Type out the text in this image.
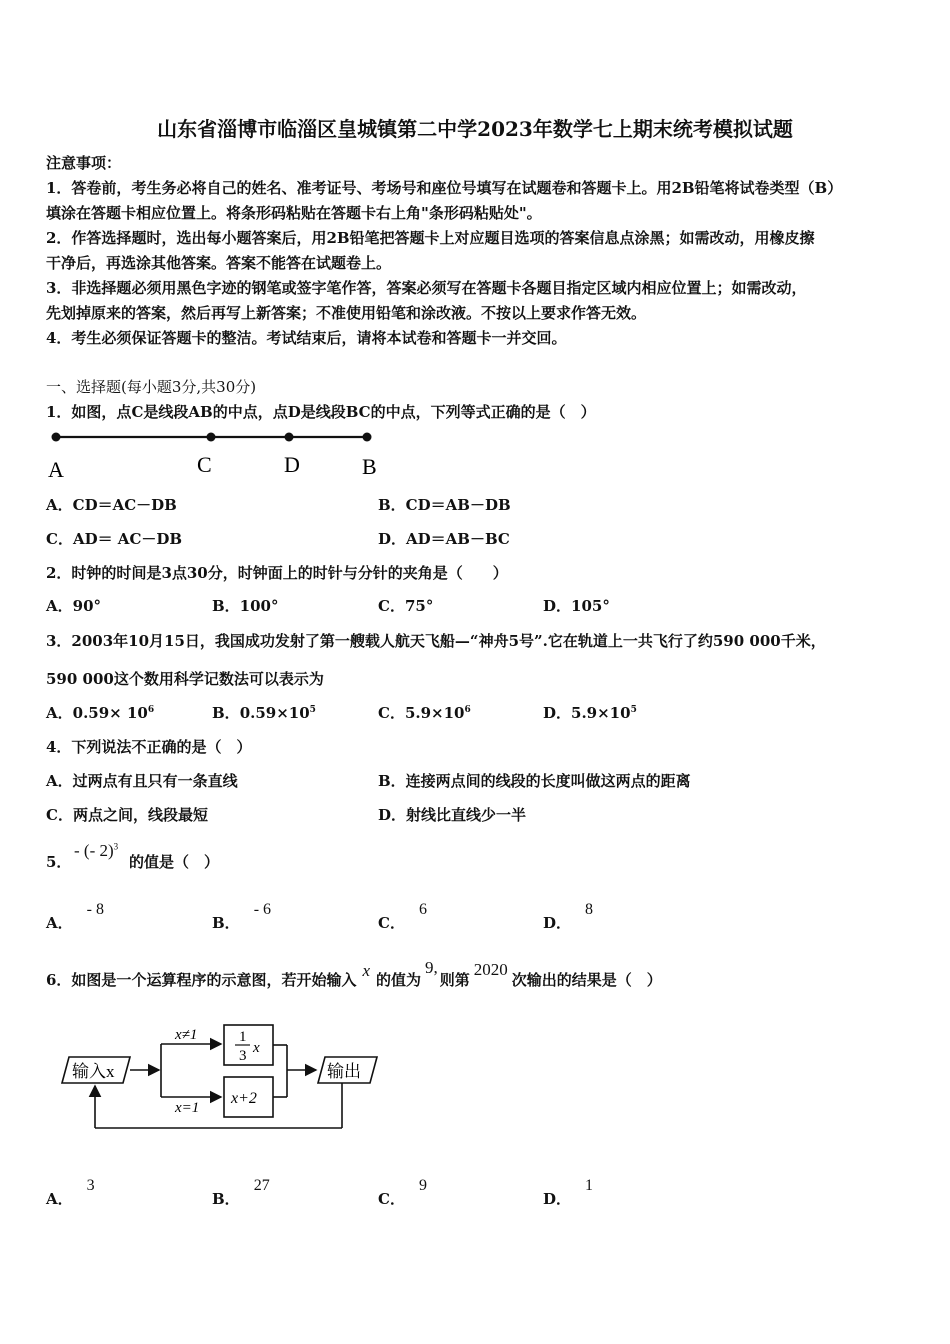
山东省淄博市临淄区皇城镇第二中学2023年数学七上期末统考模拟试题
注意事项：
1．答卷前，考生务必将自己的姓名、准考证号、考场号和座位号填写在试题卷和答题卡上。用2B铅笔将试卷类型（B）
填涂在答题卡相应位置上。将条形码粘贴在答题卡右上角"条形码粘贴处"。
2．作答选择题时，选出每小题答案后，用2B铅笔把答题卡上对应题目选项的答案信息点涂黑；如需改动，用橡皮擦
干净后，再选涂其他答案。答案不能答在试题卷上。
3．非选择题必须用黑色字迹的钢笔或签字笔作答，答案必须写在答题卡各题目指定区域内相应位置上；如需改动，
先划掉原来的答案，然后再写上新答案；不准使用铅笔和涂改液。不按以上要求作答无效。
4．考生必须保证答题卡的整洁。考试结束后，请将本试卷和答题卡一并交回。
一、选择题(每小题3分,共30分)
1．如图，点C是线段AB的中点，点D是线段BC的中点，下列等式正确的是（　）
A	C	D	B
A．CD＝AC－DB	B．CD＝AB－DB
C．AD＝ AC－DB	D．AD＝AB－BC
2．时钟的时间是3点30分，时钟面上的时针与分针的夹角是（　　）
A．90°	B．100°	C．75°	D．105°
3．2003年10月15日，我国成功发射了第一艘载人航天飞船—“神舟5号”.它在轨道上一共飞行了约590 000千米，
590 000这个数用科学记数法可以表示为
A．$0.59\times 10^6$	B．$0.59\times 10^5$	C．$5.9\times 10^6$	D．$5.9\times 10^5$
4．下列说法不正确的是（　）
A．过两点有且只有一条直线	B．连接两点间的线段的长度叫做这两点的距离
C．两点之间，线段最短	D．射线比直线少一半
5．
- (- 2)$^3$
的值是（　）
A．- 8
B．- 6
C．6
D．8
6．如图是一个运算程序的示意图，若开始输入 x 的值为9,则第2020次输出的结果是（　）
输入x
x≠1
x=1
1
3 x
x+2
输出
A．3
B．27
C．9
D．1
